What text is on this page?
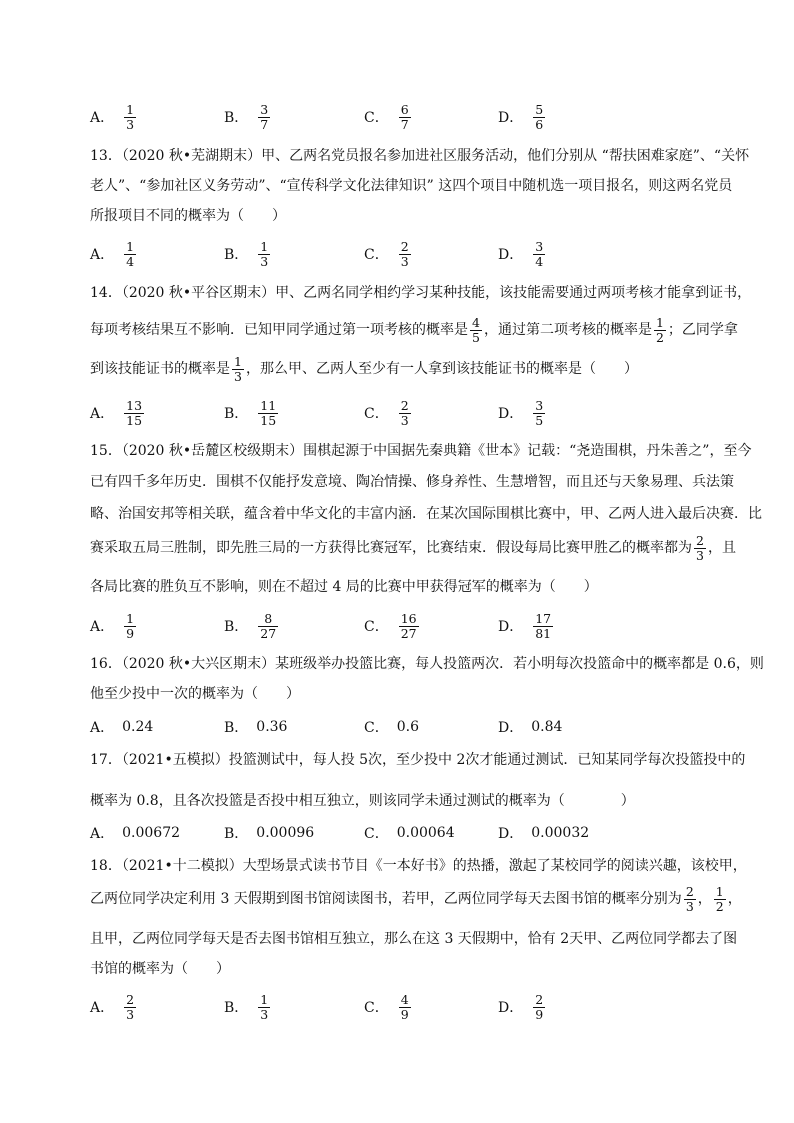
A． $\frac{1}{3}$	B． $\frac{3}{7}$	C． $\frac{6}{7}$	D． $\frac{5}{6}$
13．（2020 秋•芜湖期末）甲、乙两名党员报名参加进社区服务活动，他们分别从 “帮扶困难家庭”、“关怀
老人”、“参加社区义务劳动”、“宣传科学文化法律知识” 这四个项目中随机选一项目报名，则这两名党员
所报项目不同的概率为（　　）
A． $\frac{1}{4}$	B． $\frac{1}{3}$	C． $\frac{2}{3}$	D． $\frac{3}{4}$
14．（2020 秋•平谷区期末）甲、乙两名同学相约学习某种技能，该技能需要通过两项考核才能拿到证书，
每项考核结果互不影响．已知甲同学通过第一项考核的概率是 $\frac{4}{5}$ ，通过第二项考核的概率是 $\frac{1}{2}$ ；乙同学拿
到该技能证书的概率是 $\frac{1}{3}$ ，那么甲、乙两人至少有一人拿到该技能证书的概率是（　　）
A． $\frac{13}{15}$	B． $\frac{11}{15}$	C． $\frac{2}{3}$	D． $\frac{3}{5}$
15．（2020 秋•岳麓区校级期末）围棋起源于中国据先秦典籍《世本》记载：“尧造围棋，丹朱善之”，至今
已有四千多年历史．围棋不仅能抒发意境、陶冶情操、修身养性、生慧增智，而且还与天象易理、兵法策
略、治国安邦等相关联，蕴含着中华文化的丰富内涵．在某次国际围棋比赛中，甲、乙两人进入最后决赛．比
赛采取五局三胜制，即先胜三局的一方获得比赛冠军，比赛结束．假设每局比赛甲胜乙的概率都为 $\frac{2}{3}$ ，且
各局比赛的胜负互不影响，则在不超过 4 局的比赛中甲获得冠军的概率为（　　）
A． $\frac{1}{9}$	B． $\frac{8}{27}$	C． $\frac{16}{27}$	D． $\frac{17}{81}$
16．（2020 秋•大兴区期末）某班级举办投篮比赛，每人投篮两次．若小明每次投篮命中的概率都是 0.6，则
他至少投中一次的概率为（　　）
A． 0.24	B． 0.36	C． 0.6	D． 0.84
17．（2021•五模拟）投篮测试中，每人投 5次，至少投中 2次才能通过测试．已知某同学每次投篮投中的
概率为 0.8，且各次投篮是否投中相互独立，则该同学未通过测试的概率为（　　　　）
A． 0.00672	B． 0.00096	C． 0.00064	D． 0.00032
18．（2021•十二模拟）大型场景式读书节目《一本好书》的热播，激起了某校同学的阅读兴趣，该校甲，
乙两位同学决定利用 3 天假期到图书馆阅读图书，若甲，乙两位同学每天去图书馆的概率分别为 $\frac{2}{3}$ ， $\frac{1}{2}$ ，
且甲，乙两位同学每天是否去图书馆相互独立，那么在这 3 天假期中，恰有 2天甲、乙两位同学都去了图
书馆的概率为（　　）
A． $\frac{2}{3}$	B． $\frac{1}{3}$	C． $\frac{4}{9}$	D． $\frac{2}{9}$
